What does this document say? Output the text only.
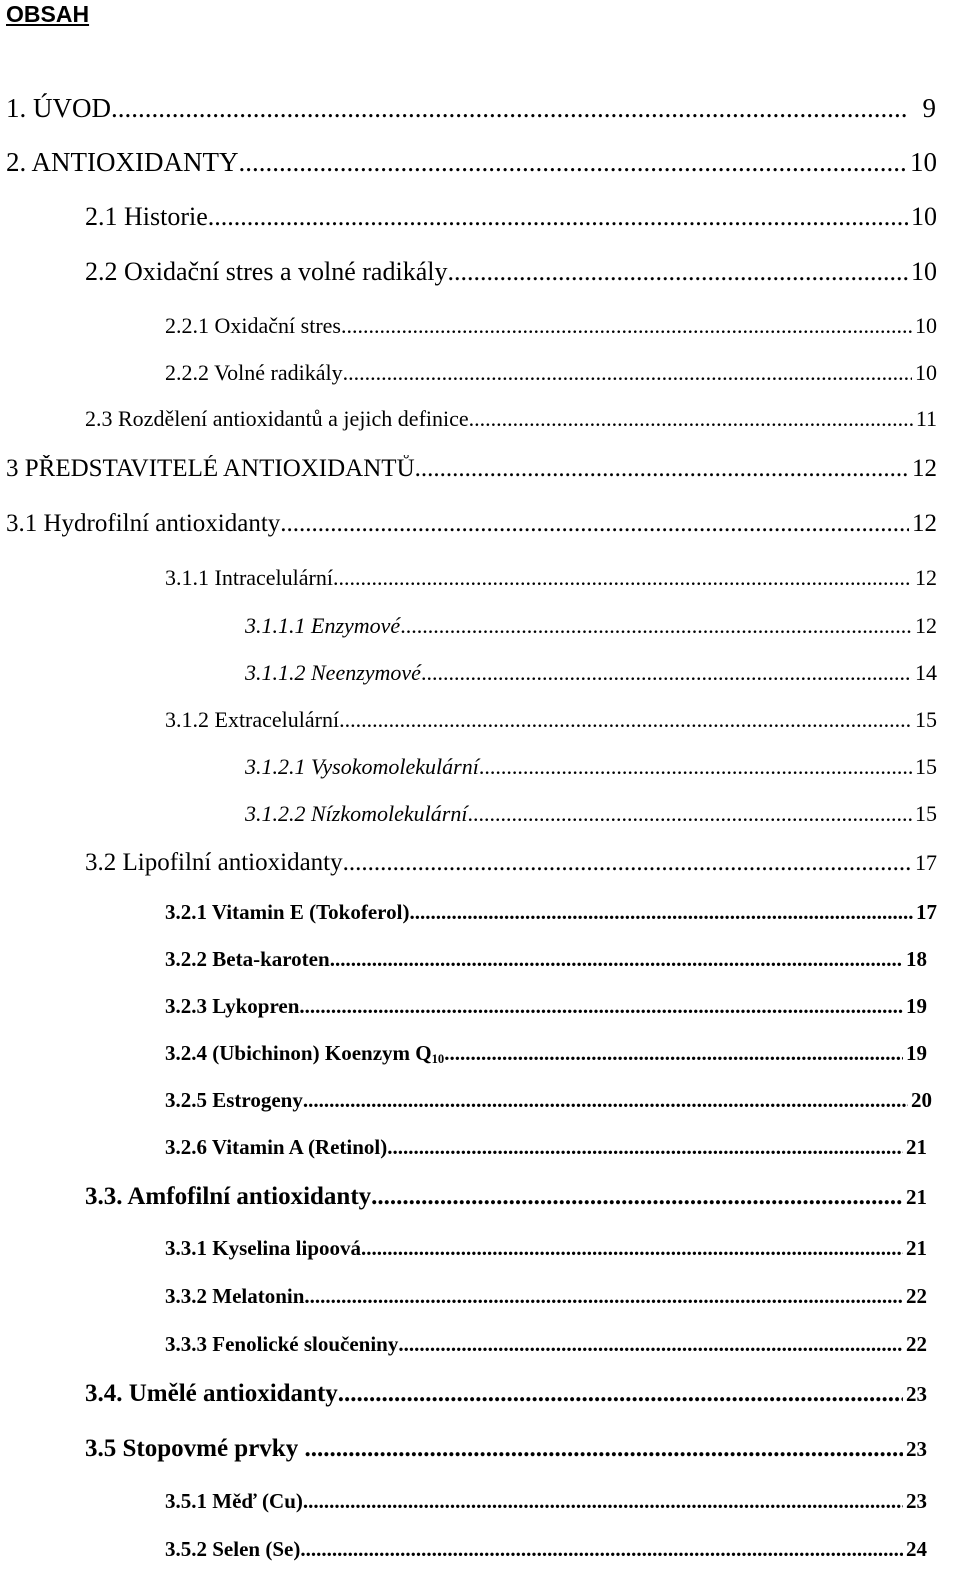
OBSAH
1. ÚVOD .....	9
2. ANTIOXIDANTY .....	10
2.1 Historie .....	10
2.2 Oxidační stres a volné radikály .....	10
2.2.1 Oxidační stres .....	10
2.2.2 Volné radikály .....	10
2.3 Rozdělení antioxidantů a jejich definice .....	11
3 PŘEDSTAVITELÉ ANTIOXIDANTŮ .....	12
3.1 Hydrofilní antioxidanty .....	12
3.1.1 Intracelulární .....	12
3.1.1.1 Enzymové .....	12
3.1.1.2 Neenzymové .....	14
3.1.2 Extracelulární .....	15
3.1.2.1 Vysokomolekulární .....	15
3.1.2.2 Nízkomolekulární .....	15
3.2 Lipofilní antioxidanty .....	17
3.2.1 Vitamin E (Tokoferol) .....	17
3.2.2 Beta-karoten .....	18
3.2.3 Lykopren .....	19
3.2.4 (Ubichinon) Koenzym $Q_{10}$ .....	19
3.2.5 Estrogeny .....	20
3.2.6 Vitamin A (Retinol) .....	21
3.3. Amfofilní antioxidanty .....	21
3.3.1 Kyselina lipoová .....	21
3.3.2 Melatonin .....	22
3.3.3 Fenolické sloučeniny .....	22
3.4. Umělé antioxidanty .....	23
3.5 Stopovmé prvky .....	23
3.5.1 Měď (Cu) .....	23
3.5.2 Selen (Se) .....	24
